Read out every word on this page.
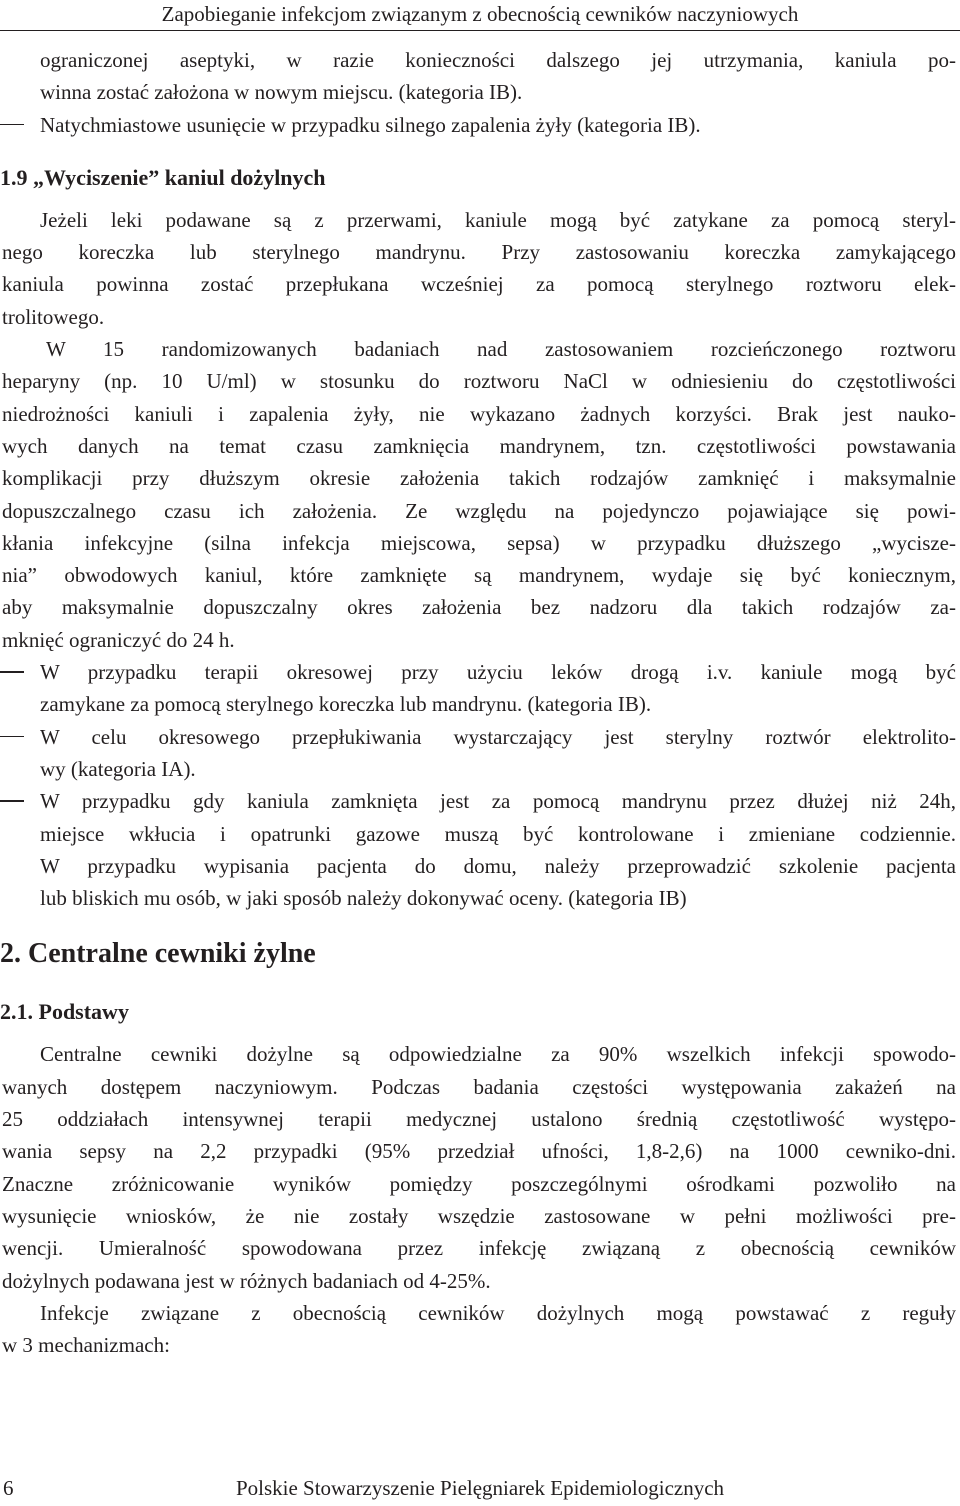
Zapobieganie infekcjom związanym z obecnością cewników naczyniowych
ograniczonej aseptyki, w razie konieczności dalszego jej utrzymania, kaniula po-
winna zostać założona w nowym miejscu. (kategoria IB).
Natychmiastowe usunięcie w przypadku silnego zapalenia żyły (kategoria IB).
1.9 „Wyciszenie” kaniul dożylnych
Jeżeli leki podawane są z przerwami, kaniule mogą być zatykane za pomocą steryl-
nego koreczka lub sterylnego mandrynu. Przy zastosowaniu koreczka zamykającego
kaniula powinna zostać przepłukana wcześniej za pomocą sterylnego roztworu elek-
trolitowego.
W 15 randomizowanych badaniach nad zastosowaniem rozcieńczonego roztworu
heparyny (np. 10 U/ml) w stosunku do roztworu NaCl w odniesieniu do częstotliwości
niedrożności kaniuli i zapalenia żyły, nie wykazano żadnych korzyści. Brak jest nauko-
wych danych na temat czasu zamknięcia mandrynem, tzn. częstotliwości powstawania
komplikacji przy dłuższym okresie założenia takich rodzajów zamknięć i maksymalnie
dopuszczalnego czasu ich założenia. Ze względu na pojedynczo pojawiające się powi-
kłania infekcyjne (silna infekcja miejscowa, sepsa) w przypadku dłuższego „wycisze-
nia” obwodowych kaniul, które zamknięte są mandrynem, wydaje się być koniecznym,
aby maksymalnie dopuszczalny okres założenia bez nadzoru dla takich rodzajów za-
mknięć ograniczyć do 24 h.
W przypadku terapii okresowej przy użyciu leków drogą i.v. kaniule mogą być
zamykane za pomocą sterylnego koreczka lub mandrynu. (kategoria IB).
W celu okresowego przepłukiwania wystarczający jest sterylny roztwór elektrolito-
wy (kategoria IA).
W przypadku gdy kaniula zamknięta jest za pomocą mandrynu przez dłużej niż 24h,
miejsce wkłucia i opatrunki gazowe muszą być kontrolowane i zmieniane codziennie.
W przypadku wypisania pacjenta do domu, należy przeprowadzić szkolenie pacjenta
lub bliskich mu osób, w jaki sposób należy dokonywać oceny. (kategoria IB)
2. Centralne cewniki żylne
2.1. Podstawy
Centralne cewniki dożylne są odpowiedzialne za 90% wszelkich infekcji spowodo-
wanych dostępem naczyniowym. Podczas badania częstości występowania zakażeń na
25 oddziałach intensywnej terapii medycznej ustalono średnią częstotliwość występo-
wania sepsy na 2,2 przypadki (95% przedział ufności, 1,8-2,6) na 1000 cewniko-dni.
Znaczne zróżnicowanie wyników pomiędzy poszczególnymi ośrodkami pozwoliło na
wysunięcie wniosków, że nie zostały wszędzie zastosowane w pełni możliwości pre-
wencji. Umieralność spowodowana przez infekcję związaną z obecnością cewników
dożylnych podawana jest w różnych badaniach od 4-25%.
Infekcje związane z obecnością cewników dożylnych mogą powstawać z reguły
w 3 mechanizmach:
6	Polskie Stowarzyszenie Pielęgniarek Epidemiologicznych
